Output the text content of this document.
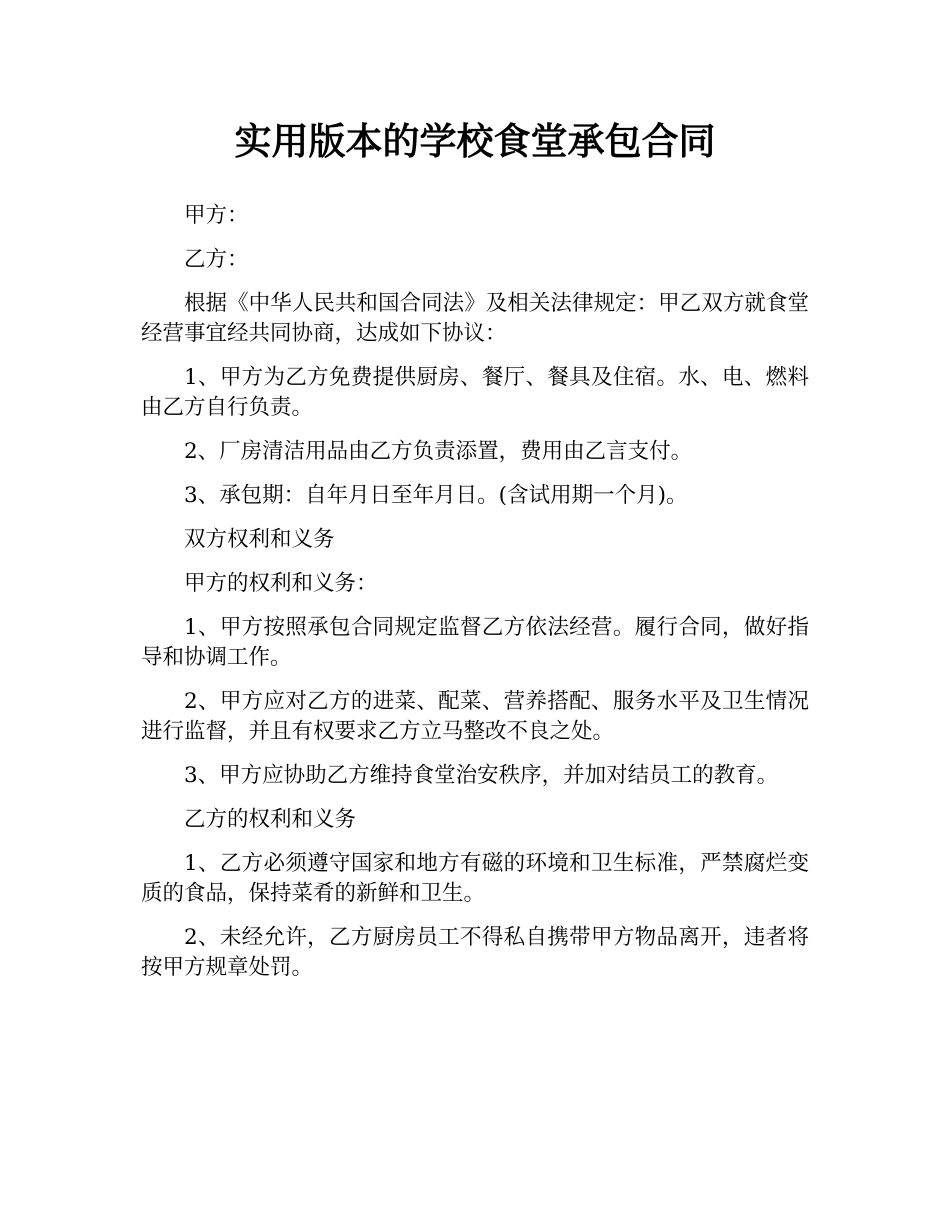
实用版本的学校食堂承包合同

甲方：

乙方：

根据《中华人民共和国合同法》及相关法律规定：甲乙双方就食堂经营事宜经共同协商，达成如下协议：

1、甲方为乙方免费提供厨房、餐厅、餐具及住宿。水、电、燃料由乙方自行负责。

2、厂房清洁用品由乙方负责添置，费用由乙言支付。

3、承包期：自年月日至年月日。(含试用期一个月)。

双方权利和义务

甲方的权利和义务：

1、甲方按照承包合同规定监督乙方依法经营。履行合同，做好指导和协调工作。

2、甲方应对乙方的进菜、配菜、营养搭配、服务水平及卫生情况进行监督，并且有权要求乙方立马整改不良之处。

3、甲方应协助乙方维持食堂治安秩序，并加对结员工的教育。

乙方的权利和义务

1、乙方必须遵守国家和地方有磁的环境和卫生标准，严禁腐烂变质的食品，保持菜肴的新鲜和卫生。

2、未经允许，乙方厨房员工不得私自携带甲方物品离开，违者将按甲方规章处罚。
